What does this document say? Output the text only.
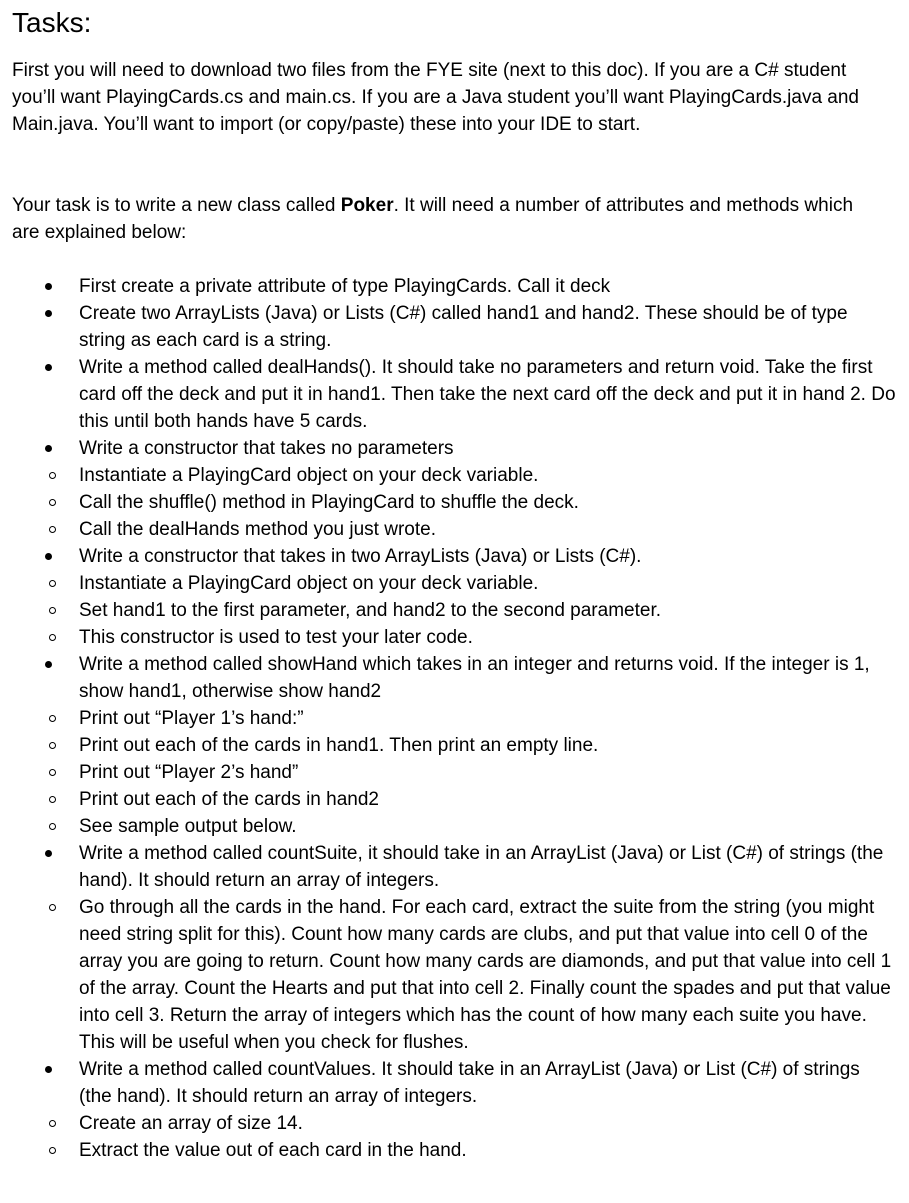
Tasks:

First you will need to download two files from the FYE site (next to this doc). If you are a C# student you’ll want PlayingCards.cs and main.cs. If you are a Java student you’ll want PlayingCards.java and Main.java. You’ll want to import (or copy/paste) these into your IDE to start.

Your task is to write a new class called Poker. It will need a number of attributes and methods which are explained below:

First create a private attribute of type PlayingCards. Call it deck
Create two ArrayLists (Java) or Lists (C#) called hand1 and hand2. These should be of type string as each card is a string.
Write a method called dealHands(). It should take no parameters and return void. Take the first card off the deck and put it in hand1. Then take the next card off the deck and put it in hand 2. Do this until both hands have 5 cards.
Write a constructor that takes no parameters
Instantiate a PlayingCard object on your deck variable.
Call the shuffle() method in PlayingCard to shuffle the deck.
Call the dealHands method you just wrote.
Write a constructor that takes in two ArrayLists (Java) or Lists (C#).
Instantiate a PlayingCard object on your deck variable.
Set hand1 to the first parameter, and hand2 to the second parameter.
This constructor is used to test your later code.
Write a method called showHand which takes in an integer and returns void. If the integer is 1, show hand1, otherwise show hand2
Print out “Player 1’s hand:”
Print out each of the cards in hand1. Then print an empty line.
Print out “Player 2’s hand”
Print out each of the cards in hand2
See sample output below.
Write a method called countSuite, it should take in an ArrayList (Java) or List (C#) of strings (the hand). It should return an array of integers.
Go through all the cards in the hand. For each card, extract the suite from the string (you might need string split for this). Count how many cards are clubs, and put that value into cell 0 of the array you are going to return. Count how many cards are diamonds, and put that value into cell 1 of the array. Count the Hearts and put that into cell 2. Finally count the spades and put that value into cell 3. Return the array of integers which has the count of how many each suite you have. This will be useful when you check for flushes.
Write a method called countValues. It should take in an ArrayList (Java) or List (C#) of strings (the hand). It should return an array of integers.
Create an array of size 14.
Extract the value out of each card in the hand.
